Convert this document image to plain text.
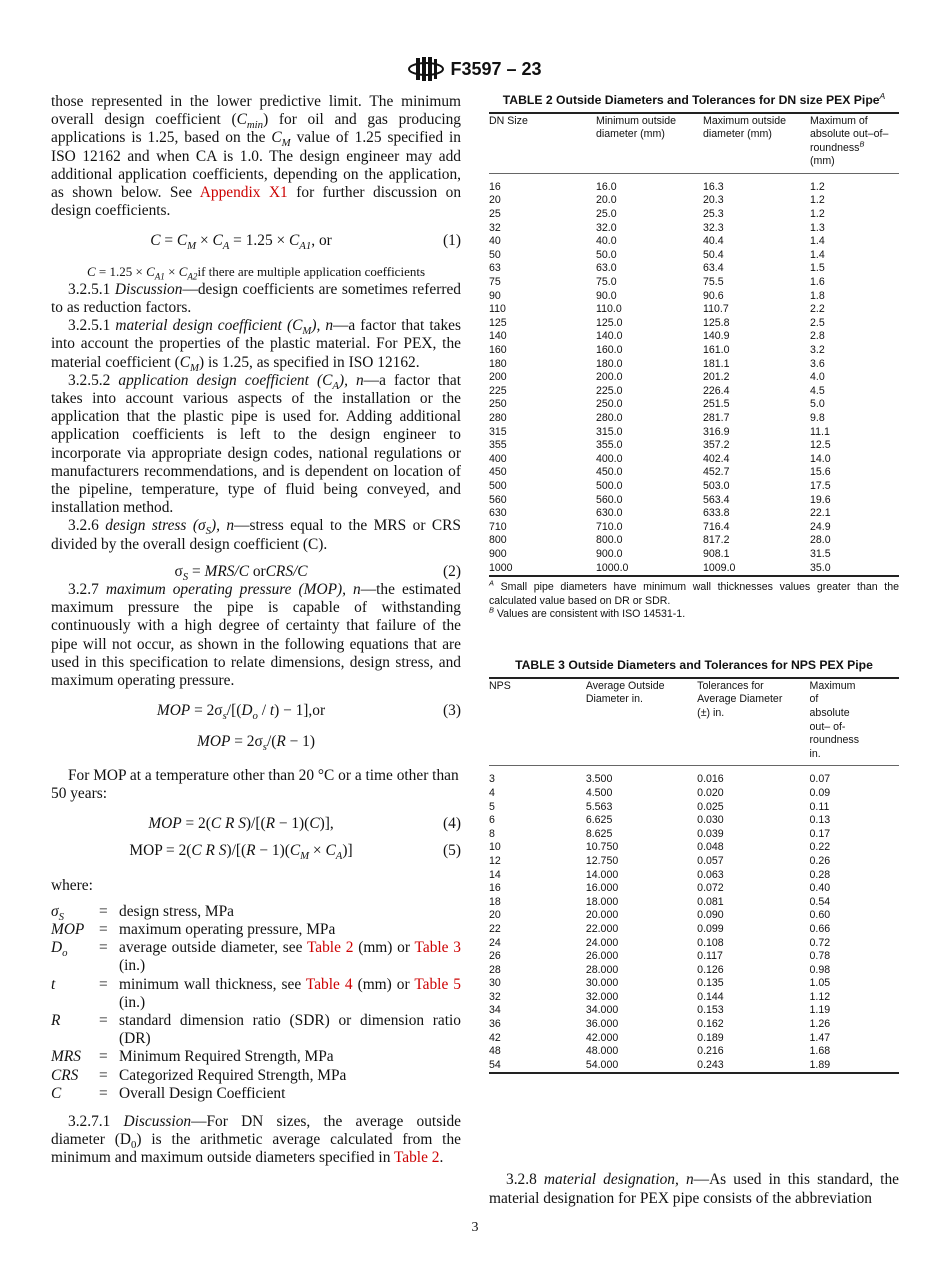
F3597 – 23

those represented in the lower predictive limit. The minimum overall design coefficient $(C_{min})$ for oil and gas producing applications is 1.25, based on the $C_M$ value of 1.25 specified in ISO 12162 and when CA is 1.0. The design engineer may add additional application coefficients, depending on the application, as shown below. See Appendix X1 for further discussion on design coefficients.

$C = C_M \times C_A = 1.25 \times C_{A1}$, or	(1)

$C = 1.25 \times C_{A1} \times C_{A2}if$ there are multiple application coefficients

3.2.5.1 Discussion—design coefficients are sometimes referred to as reduction factors.

3.2.5.1 material design coefficient $(C_M)$, n—a factor that takes into account the properties of the plastic material. For PEX, the material coefficient $(C_M)$ is 1.25, as specified in ISO 12162.

3.2.5.2 application design coefficient $(C_A)$, n—a factor that takes into account various aspects of the installation or the application that the plastic pipe is used for. Adding additional application coefficients is left to the design engineer to incorporate via appropriate design codes, national regulations or manufacturers recommendations, and is dependent on location of the pipeline, temperature, type of fluid being conveyed, and installation method.

3.2.6 design stress $(\sigma_S)$, n—stress equal to the MRS or CRS divided by the overall design coefficient (C).

$\sigma_S = MRS/C$ orCRS/C	(2)

3.2.7 maximum operating pressure (MOP), n—the estimated maximum pressure the pipe is capable of withstanding continuously with a high degree of certainty that failure of the pipe will not occur, as shown in the following equations that are used in this specification to relate dimensions, design stress, and maximum operating pressure.

MOP = $2\sigma_s/[(D_o / t) - 1],or$	(3)

MOP = $2\sigma_s/(R - 1)$

For MOP at a temperature other than 20 °C or a time other than 50 years:

MOP = 2(C R S)/[(R − 1)(C)],	(4)
MOP = 2(C R $S)/[(R - 1)(C_M \times C_A)]$	(5)

where:

$\sigma_S$	= design stress, MPa
MOP = maximum operating pressure, MPa
$D_o$	= average outside diameter, see Table 2 (mm) or Table 3 (in.)
t	= minimum wall thickness, see Table 4 (mm) or Table 5 (in.)
R	= standard dimension ratio (SDR) or dimension ratio (DR)
MRS	= Minimum Required Strength, MPa
CRS	= Categorized Required Strength, MPa
C	= Overall Design Coefficient

3.2.7.1 Discussion—For DN sizes, the average outside diameter $(D_0)$ is the arithmetic average calculated from the minimum and maximum outside diameters specified in Table 2.

TABLE 2 Outside Diameters and Tolerances for DN size PEX Pipe$^A$

DN Size	Minimum outside diameter (mm)	Maximum outside diameter (mm)	Maximum of absolute out–of–roundness$^B$
(mm)
16	16.0	16.3	1.2
20	20.0	20.3	1.2
25	25.0	25.3	1.2
32	32.0	32.3	1.3
40	40.0	40.4	1.4
50	50.0	50.4	1.4
63	63.0	63.4	1.5
75	75.0	75.5	1.6
90	90.0	90.6	1.8
110	110.0	110.7	2.2
125	125.0	125.8	2.5
140	140.0	140.9	2.8
160	160.0	161.0	3.2
180	180.0	181.1	3.6
200	200.0	201.2	4.0
225	225.0	226.4	4.5
250	250.0	251.5	5.0
280	280.0	281.7	9.8
315	315.0	316.9	11.1
355	355.0	357.2	12.5
400	400.0	402.4	14.0
450	450.0	452.7	15.6
500	500.0	503.0	17.5
560	560.0	563.4	19.6
630	630.0	633.8	22.1
710	710.0	716.4	24.9
800	800.0	817.2	28.0
900	900.0	908.1	31.5
1000	1000.0	1009.0	35.0

$^A$ Small pipe diameters have minimum wall thicknesses values greater than the calculated value based on DR or SDR.

$^B$ Values are consistent with ISO 14531-1.

TABLE 3 Outside Diameters and Tolerances for NPS PEX Pipe

NPS	Average Outside Diameter in.	Tolerances for Average Diameter (±) in.	Maximum of absolute out– of-roundness in.
3	3.500	0.016	0.07
4	4.500	0.020	0.09
5	5.563	0.025	0.11
6	6.625	0.030	0.13
8	8.625	0.039	0.17
10	10.750	0.048	0.22
12	12.750	0.057	0.26
14	14.000	0.063	0.28
16	16.000	0.072	0.40
18	18.000	0.081	0.54
20	20.000	0.090	0.60
22	22.000	0.099	0.66
24	24.000	0.108	0.72
26	26.000	0.117	0.78
28	28.000	0.126	0.98
30	30.000	0.135	1.05
32	32.000	0.144	1.12
34	34.000	0.153	1.19
36	36.000	0.162	1.26
42	42.000	0.189	1.47
48	48.000	0.216	1.68
54	54.000	0.243	1.89

3.2.8 material designation, n—As used in this standard, the material designation for PEX pipe consists of the abbreviation

3
